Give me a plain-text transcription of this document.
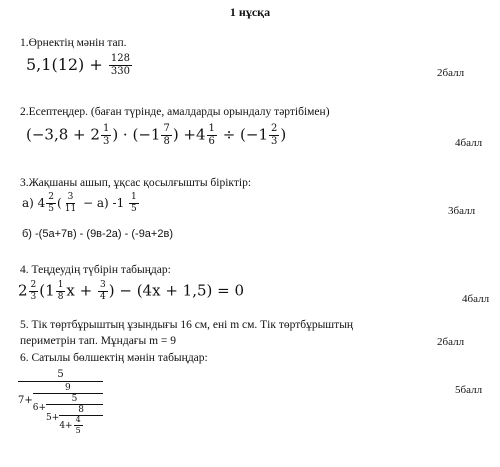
1 нұсқа
1.Өрнектің мәнін тап.
$5,1(12) + \frac{128}{330}$	2балл
2.Есептеңдер. (баған түрінде, амалдарды орындалу тәртібімен)
($-3,8 + 2 \frac{1}{3}$ ) · ($-1 \frac{7}{8}$ ) $+4 \frac{1}{6} \div (-1 \frac{2}{3}$ )	4балл
3.Жақшаны ашып, ұқсас қосылғышты біріктір:
а) $4 \frac{2}{5}$ ( $\frac{3}{11} - а$) $-1 \frac{1}{5}$	3балл
б) -(5а+7в) - (9в-2а) - (-9а+2в)
4. Теңдеудің түбірін табыңдар:
$2 \frac{2}{3} (1 \frac{1}{8}$ $x + \frac{3}{4}$ ) − (4x + 1,5) = 0	4балл
5. Тік төртбұрыштың ұзындығы 16 см, ені m см. Тік төртбұрыштың
периметрін тап. Мұндағы m = 9	2балл
6. Сатылы бөлшектің мәнін табыңдар:
5балл
5
7+
9
6+
5
$5+ \frac{8}{4+ \frac{4}{5}}$
